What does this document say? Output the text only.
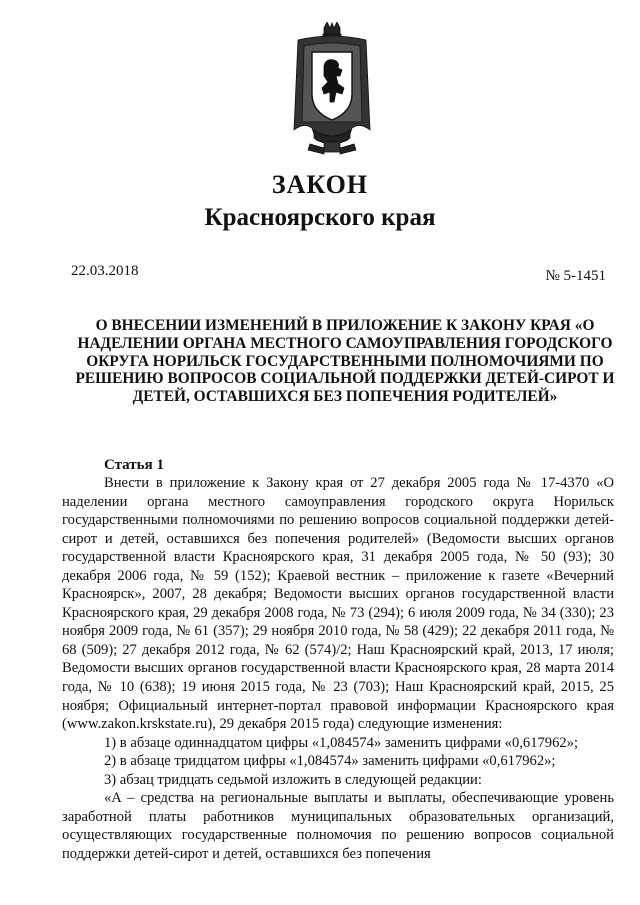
ЗАКОН
Красноярского края
22.03.2018	№ 5-1451
О ВНЕСЕНИИ ИЗМЕНЕНИЙ В ПРИЛОЖЕНИЕ К ЗАКОНУ КРАЯ «О НАДЕЛЕНИИ ОРГАНА МЕСТНОГО САМОУПРАВЛЕНИЯ ГОРОДСКОГО ОКРУГА НОРИЛЬСК ГОСУДАРСТВЕННЫМИ ПОЛНОМОЧИЯМИ ПО РЕШЕНИЮ ВОПРОСОВ СОЦИАЛЬНОЙ ПОДДЕРЖКИ ДЕТЕЙ-СИРОТ И ДЕТЕЙ, ОСТАВШИХСЯ БЕЗ ПОПЕЧЕНИЯ РОДИТЕЛЕЙ»
Статья 1

Внести в приложение к Закону края от 27 декабря 2005 года № 17-4370 «О наделении органа местного самоуправления городского округа Норильск государственными полномочиями по решению вопросов социальной поддержки детей-сирот и детей, оставшихся без попечения родителей» (Ведомости высших органов государственной власти Красноярского края, 31 декабря 2005 года, № 50 (93); 30 декабря 2006 года, № 59 (152); Краевой вестник – приложение к газете «Вечерний Красноярск», 2007, 28 декабря; Ведомости высших органов государственной власти Красноярского края, 29 декабря 2008 года, № 73 (294); 6 июля 2009 года, № 34 (330); 23 ноября 2009 года, № 61 (357); 29 ноября 2010 года, № 58 (429); 22 декабря 2011 года, № 68 (509); 27 декабря 2012 года, № 62 (574)/2; Наш Красноярский край, 2013, 17 июля; Ведомости высших органов государственной власти Красноярского края, 28 марта 2014 года, № 10 (638); 19 июня 2015 года, № 23 (703); Наш Красноярский край, 2015, 25 ноября; Официальный интернет-портал правовой информации Красноярского края (www.zakon.krskstate.ru), 29 декабря 2015 года) следующие изменения:

1) в абзаце одиннадцатом цифры «1,084574» заменить цифрами «0,617962»;

2) в абзаце тридцатом цифры «1,084574» заменить цифрами «0,617962»;

3) абзац тридцать седьмой изложить в следующей редакции:

«A – средства на региональные выплаты и выплаты, обеспечивающие уровень заработной платы работников муниципальных образовательных организаций, осуществляющих государственные полномочия по решению вопросов социальной поддержки детей-сирот и детей, оставшихся без попечения
